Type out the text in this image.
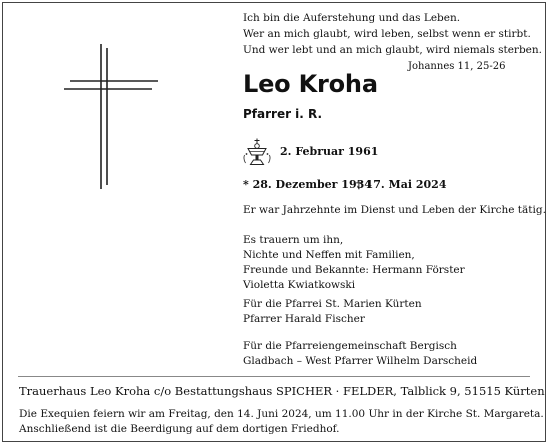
Ich bin die Auferstehung und das Leben.
Wer an mich glaubt, wird leben, selbst wenn er stirbt.
Und wer lebt und an mich glaubt, wird niemals sterben.
Johannes 11, 25-26
Leo Kroha
Pfarrer i. R.
2. Februar 1961
* 28. Dezember 1934
† 17. Mai 2024
Er war Jahrzehnte im Dienst und Leben der Kirche tätig.
Es trauern um ihn,
Nichte und Neffen mit Familien,
Freunde und Bekannte: Hermann Förster
Violetta Kwiatkowski
Für die Pfarrei St. Marien Kürten
Pfarrer Harald Fischer
Für die Pfarreiengemeinschaft Bergisch
Gladbach – West Pfarrer Wilhelm Darscheid
Trauerhaus Leo Kroha c/o Bestattungshaus SPICHER · FELDER, Talblick 9, 51515 Kürten
Die Exequien feiern wir am Freitag, den 14. Juni 2024, um 11.00 Uhr in der Kirche St. Margareta.
Anschließend ist die Beerdigung auf dem dortigen Friedhof.
